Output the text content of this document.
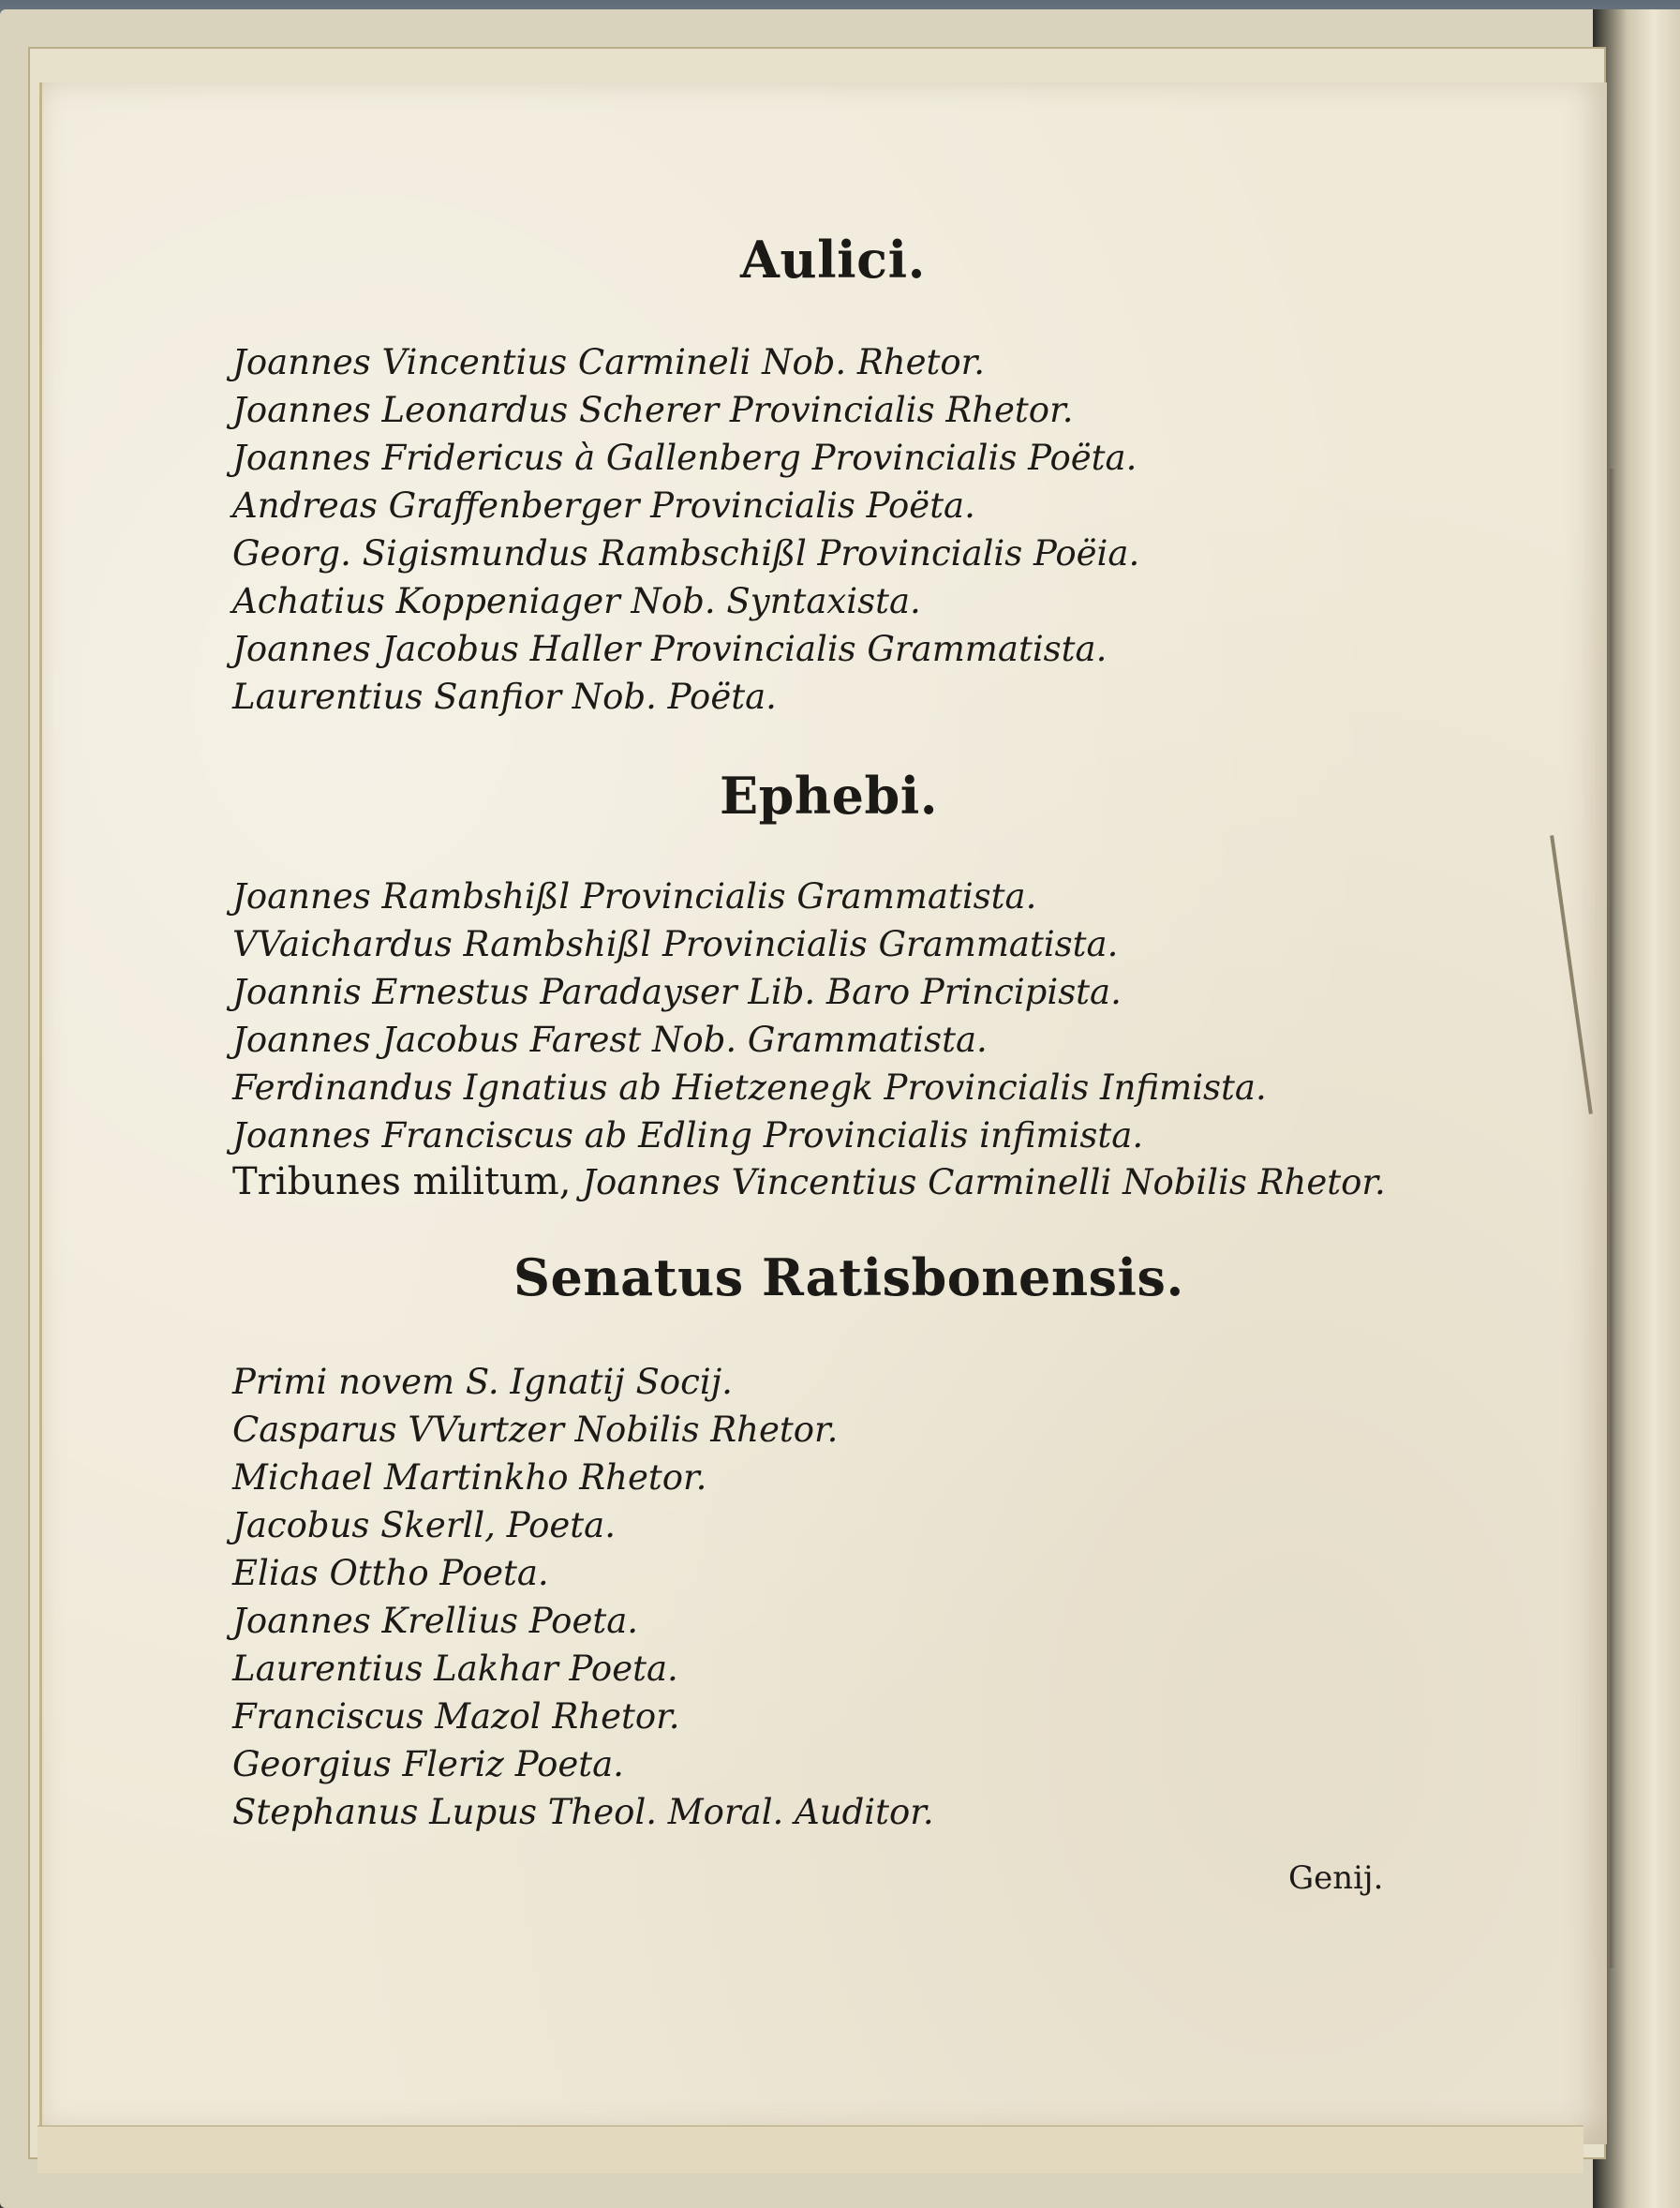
Aulici.

Joannes Vincentius Carmineli Nob. Rhetor.

Joannes Leonardus Scherer Provincialis Rhetor.

Joannes Fridericus à Gallenberg Provincialis Poëta.

Andreas Graffenberger Provincialis Poëta.

Georg. Sigismundus Rambschißl Provincialis Poëia.

Achatius Koppeniager Nob. Syntaxista.

Joannes Jacobus Haller Provincialis Grammatista.

Laurentius Sanfior Nob. Poëta.

Ephebi.

Joannes Rambshißl Provincialis Grammatista.

VVaichardus Rambshißl Provincialis Grammatista.

Joannis Ernestus Paradayser Lib. Baro Principista.

Joannes Jacobus Farest Nob. Grammatista.

Ferdinandus Ignatius ab Hietzenegk Provincialis Infimista.

Joannes Franciscus ab Edling Provincialis infimista.

Tribunes militum, Joannes Vincentius Carminelli Nobilis Rhetor.

Senatus Ratisbonensis.

Primi novem S. Ignatij Socij.

Casparus VVurtzer Nobilis Rhetor.

Michael Martinkho Rhetor.

Jacobus Skerll, Poeta.

Elias Ottho Poeta.

Joannes Krellius Poeta.

Laurentius Lakhar Poeta.

Franciscus Mazol Rhetor.

Georgius Fleriz Poeta.

Stephanus Lupus Theol. Moral. Auditor.

Genij.
